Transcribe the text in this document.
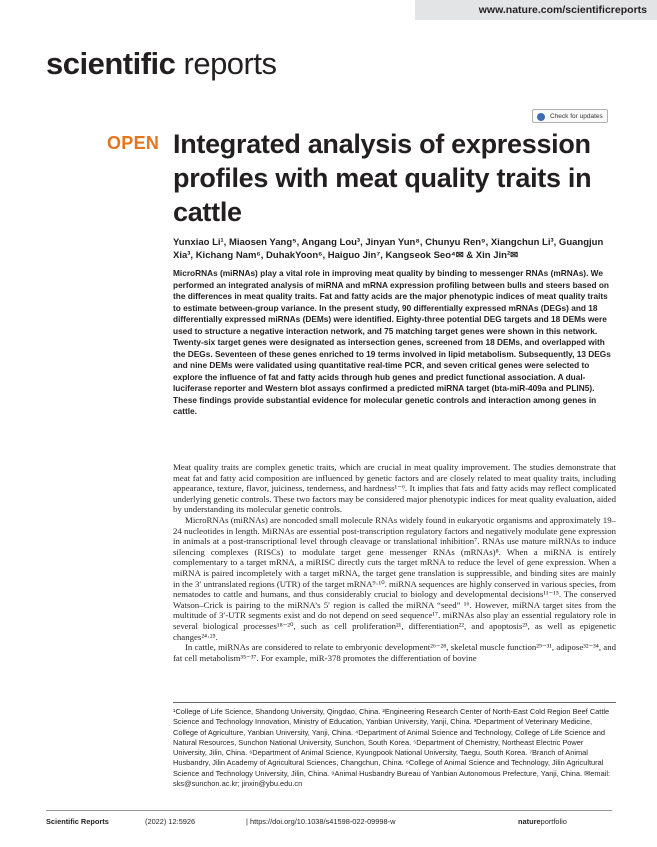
www.nature.com/scientificreports
scientific reports
Check for updates
OPEN Integrated analysis of expression profiles with meat quality traits in cattle

Yunxiao Li¹, Miaosen Yang⁵, Angang Lou³, Jinyan Yun⁸, Chunyu Ren⁹, Xiangchun Li³, Guangjun Xia³, Kichang Nam⁶, DuhakYoon⁶, Haiguo Jin⁷, Kangseok Seo⁴✉ & Xin Jin²✉

MicroRNAs (miRNAs) play a vital role in improving meat quality by binding to messenger RNAs (mRNAs). We performed an integrated analysis of miRNA and mRNA expression profiling between bulls and steers based on the differences in meat quality traits. Fat and fatty acids are the major phenotypic indices of meat quality traits to estimate between-group variance. In the present study, 90 differentially expressed mRNAs (DEGs) and 18 differentially expressed miRNAs (DEMs) were identified. Eighty-three potential DEG targets and 18 DEMs were used to structure a negative interaction network, and 75 matching target genes were shown in this network. Twenty-six target genes were designated as intersection genes, screened from 18 DEMs, and overlapped with the DEGs. Seventeen of these genes enriched to 19 terms involved in lipid metabolism. Subsequently, 13 DEGs and nine DEMs were validated using quantitative real-time PCR, and seven critical genes were selected to explore the influence of fat and fatty acids through hub genes and predict functional association. A dual-luciferase reporter and Western blot assays confirmed a predicted miRNA target (bta-miR-409a and PLIN5). These findings provide substantial evidence for molecular genetic controls and interaction among genes in cattle.

Meat quality traits are complex genetic traits, which are crucial in meat quality improvement. The studies demonstrate that meat fat and fatty acid composition are influenced by genetic factors and are closely related to meat quality traits, including appearance, texture, flavor, juiciness, tenderness, and hardness¹⁻⁶. It implies that fats and fatty acids may reflect complicated underlying genetic controls. These two factors may be considered major phenotypic indices for meat quality evaluation, aided by understanding its molecular genetic controls.

MicroRNAs (miRNAs) are noncoded small molecule RNAs widely found in eukaryotic organisms and approximately 19–24 nucleotides in length. MiRNAs are essential post-transcription regulatory factors and negatively modulate gene expression in animals at a post-transcriptional level through cleavage or translational inhibition⁷. RNAs use mature miRNAs to induce silencing complexes (RISCs) to modulate target gene messenger RNAs (mRNAs)⁸. When a miRNA is entirely complementary to a target mRNA, a miRISC directly cuts the target mRNA to reduce the level of gene expression. When a miRNA is paired incompletely with a target mRNA, the target gene translation is suppressible, and binding sites are mainly in the 3′ untranslated regions (UTR) of the target mRNA⁹·¹⁰. miRNA sequences are highly conserved in various species, from nematodes to cattle and humans, and thus considerably crucial to biology and developmental decisions¹¹⁻¹⁵. The conserved Watson–Crick is pairing to the miRNA’s 5′ region is called the miRNA “seed” ¹⁶. However, miRNA target sites from the multitude of 3′-UTR segments exist and do not depend on seed sequence¹⁷. miRNAs also play an essential regulatory role in several biological processes¹⁸⁻²⁰, such as cell proliferation²¹, differentiation²², and apoptosis²³, as well as epigenetic changes²⁴·²⁵.

In cattle, miRNAs are considered to relate to embryonic development²⁶⁻²⁸, skeletal muscle function²⁹⁻³¹, adipose³²⁻³⁴, and fat cell metabolism³⁵⁻³⁷. For example, miR-378 promotes the differentiation of bovine

¹College of Life Science, Shandong University, Qingdao, China. ²Engineering Research Center of North-East Cold Region Beef Cattle Science and Technology Innovation, Ministry of Education, Yanbian University, Yanji, China. ³Department of Veterinary Medicine, College of Agriculture, Yanbian University, Yanji, China. ⁴Department of Animal Science and Technology, College of Life Science and Natural Resources, Sunchon National University, Sunchon, South Korea. ⁵Department of Chemistry, Northeast Electric Power University, Jilin, China. ⁶Department of Animal Science, Kyungpook National University, Taegu, South Korea. ⁷Branch of Animal Husbandry, Jilin Academy of Agricultural Sciences, Changchun, China. ⁸College of Animal Science and Technology, Jilin Agricultural Science and Technology University, Jilin, China. ⁹Animal Husbandry Bureau of Yanbian Autonomous Prefecture, Yanji, China. ✉email: sks@sunchon.ac.kr; jinxin@ybu.edu.cn

Scientific Reports	(2022) 12:5926	| https://doi.org/10.1038/s41598-022-09998-w	natureportfolio
